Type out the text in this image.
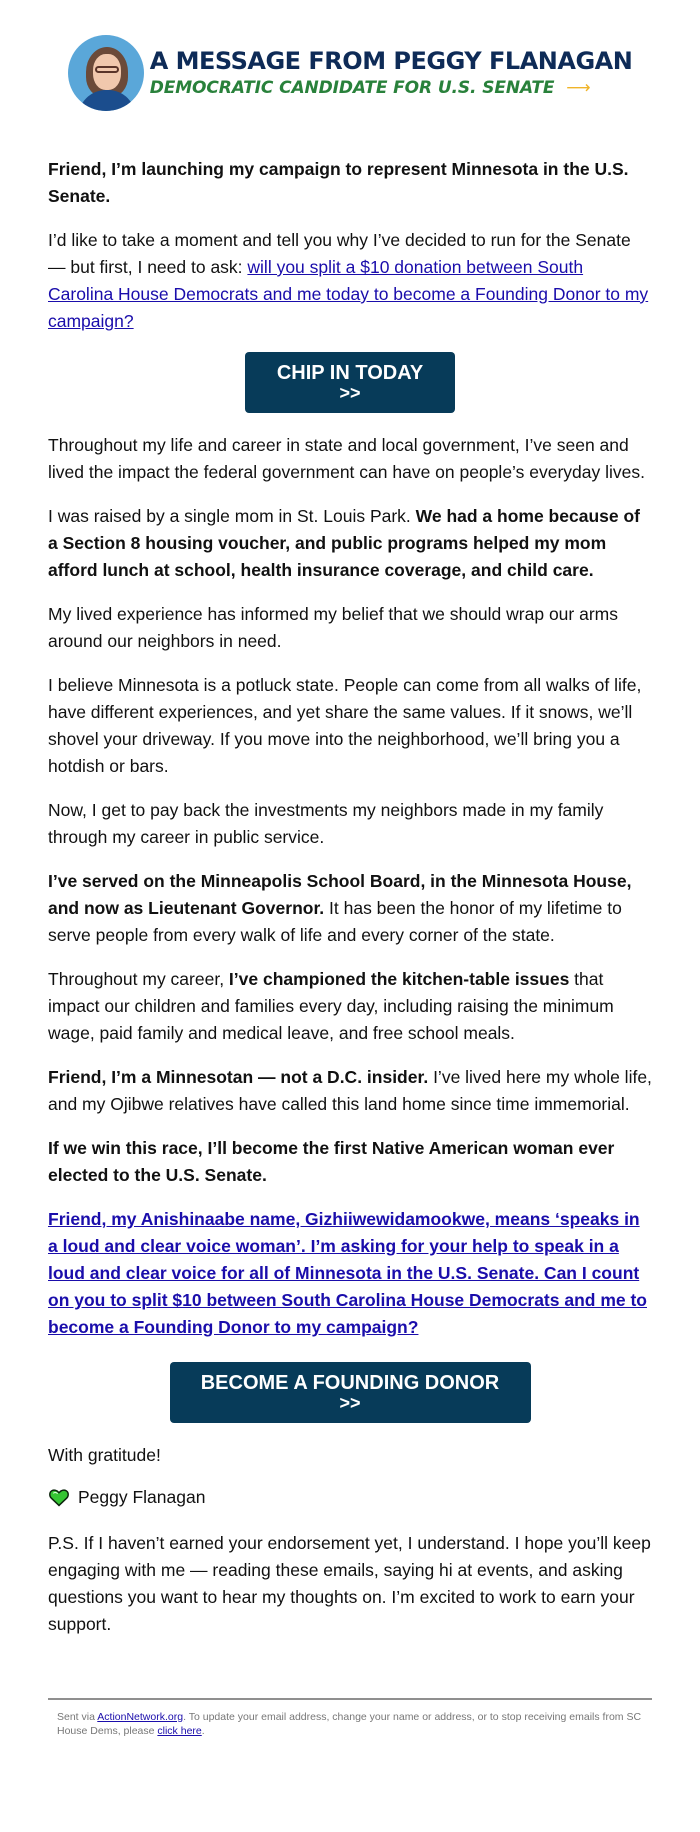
A MESSAGE FROM PEGGY FLANAGAN
DEMOCRATIC CANDIDATE FOR U.S. SENATE ⟶

Friend, I’m launching my campaign to represent Minnesota in the U.S. Senate.

I’d like to take a moment and tell you why I’ve decided to run for the Senate — but first, I need to ask: will you split a $10 donation between South Carolina House Democrats and me today to become a Founding Donor to my campaign?

CHIP IN TODAY
>>

Throughout my life and career in state and local government, I’ve seen and lived the impact the federal government can have on people’s everyday lives.

I was raised by a single mom in St. Louis Park. We had a home because of a Section 8 housing voucher, and public programs helped my mom afford lunch at school, health insurance coverage, and child care.

My lived experience has informed my belief that we should wrap our arms around our neighbors in need.

I believe Minnesota is a potluck state. People can come from all walks of life, have different experiences, and yet share the same values. If it snows, we’ll shovel your driveway. If you move into the neighborhood, we’ll bring you a hotdish or bars.

Now, I get to pay back the investments my neighbors made in my family through my career in public service.

I’ve served on the Minneapolis School Board, in the Minnesota House, and now as Lieutenant Governor. It has been the honor of my lifetime to serve people from every walk of life and every corner of the state.

Throughout my career, I’ve championed the kitchen-table issues that impact our children and families every day, including raising the minimum wage, paid family and medical leave, and free school meals.

Friend, I’m a Minnesotan — not a D.C. insider. I’ve lived here my whole life, and my Ojibwe relatives have called this land home since time immemorial.

If we win this race, I’ll become the first Native American woman ever elected to the U.S. Senate.

Friend, my Anishinaabe name, Gizhiiwewidamookwe, means ‘speaks in a loud and clear voice woman’. I’m asking for your help to speak in a loud and clear voice for all of Minnesota in the U.S. Senate. Can I count on you to split $10 between South Carolina House Democrats and me to become a Founding Donor to my campaign?

BECOME A FOUNDING DONOR
>>

With gratitude!

Peggy Flanagan

P.S. If I haven’t earned your endorsement yet, I understand. I hope you’ll keep engaging with me — reading these emails, saying hi at events, and asking questions you want to hear my thoughts on. I’m excited to work to earn your support.

Sent via ActionNetwork.org. To update your email address, change your name or address, or to stop receiving emails from SC House Dems, please click here.
